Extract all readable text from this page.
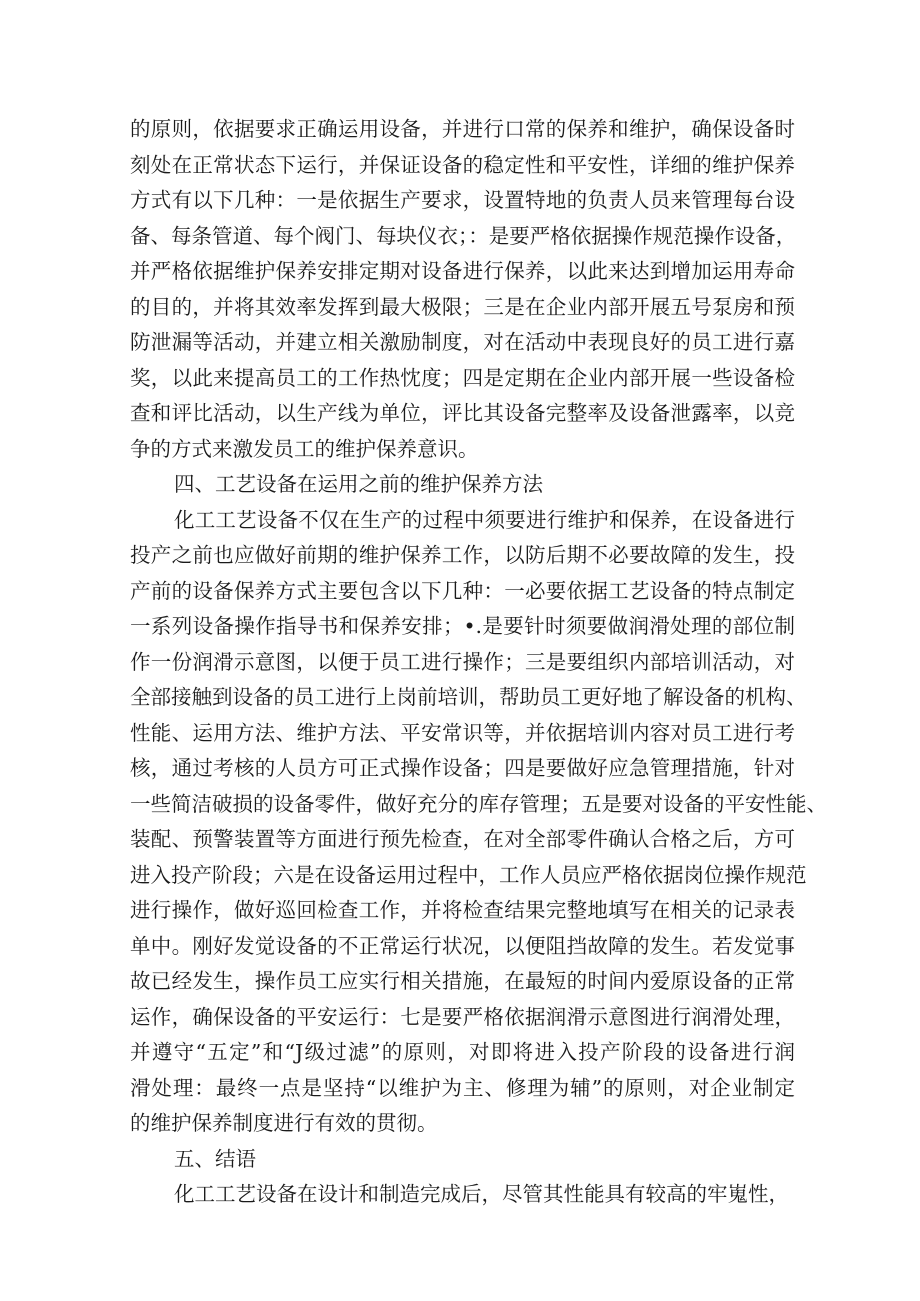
的原则，依据要求正确运用设备，并进行口常的保养和维护，确保设备时
刻处在正常状态下运行，并保证设备的稳定性和平安性，详细的维护保养
方式有以下几种：一是依据生产要求，设置特地的负责人员来管理每台设
备、每条管道、每个阀门、每块仪衣；：是要严格依据操作规范操作设备，
并严格依据维护保养安排定期对设备进行保养，以此来达到增加运用寿命
的目的，并将其效率发挥到最大极限；三是在企业内部开展五号泵房和预
防泄漏等活动，并建立相关激励制度，对在活动中表现良好的员工进行嘉
奖，以此来提高员工的工作热忱度；四是定期在企业内部开展一些设备检
查和评比活动，以生产线为单位，评比其设备完整率及设备泄露率，以竞
争的方式来激发员工的维护保养意识。
四、工艺设备在运用之前的维护保养方法
化工工艺设备不仅在生产的过程中须要进行维护和保养，在设备进行
投产之前也应做好前期的维护保养工作，以防后期不必要故障的发生，投
产前的设备保养方式主要包含以下几种：一必要依据工艺设备的特点制定
一系列设备操作指导书和保养安排；•.是要针时须要做润滑处理的部位制
作一份润滑示意图，以便于员工进行操作；三是要组织内部培训活动，对
全部接触到设备的员工进行上岗前培训，帮助员工更好地了解设备的机构、
性能、运用方法、维护方法、平安常识等，并依据培训内容对员工进行考
核，通过考核的人员方可正式操作设备；四是要做好应急管理措施，针对
一些简洁破损的设备零件，做好充分的库存管理；五是要对设备的平安性能、
装配、预警装置等方面进行预先检查，在对全部零件确认合格之后，方可
进入投产阶段；六是在设备运用过程中，工作人员应严格依据岗位操作规范
进行操作，做好巡回检查工作，并将检查结果完整地填写在相关的记录表
单中。刚好发觉设备的不正常运行状况，以便阻挡故障的发生。若发觉事
故已经发生，操作员工应实行相关措施，在最短的时间内爱原设备的正常
运作，确保设备的平安运行：七是要严格依据润滑示意图进行润滑处理，
并遵守“五定”和“J级过滤”的原则，对即将进入投产阶段的设备进行润
滑处理：最终一点是坚持“以维护为主、修理为辅”的原则，对企业制定
的维护保养制度进行有效的贯彻。
五、结语
化工工艺设备在设计和制造完成后，尽管其性能具有较高的牢嵬性，
